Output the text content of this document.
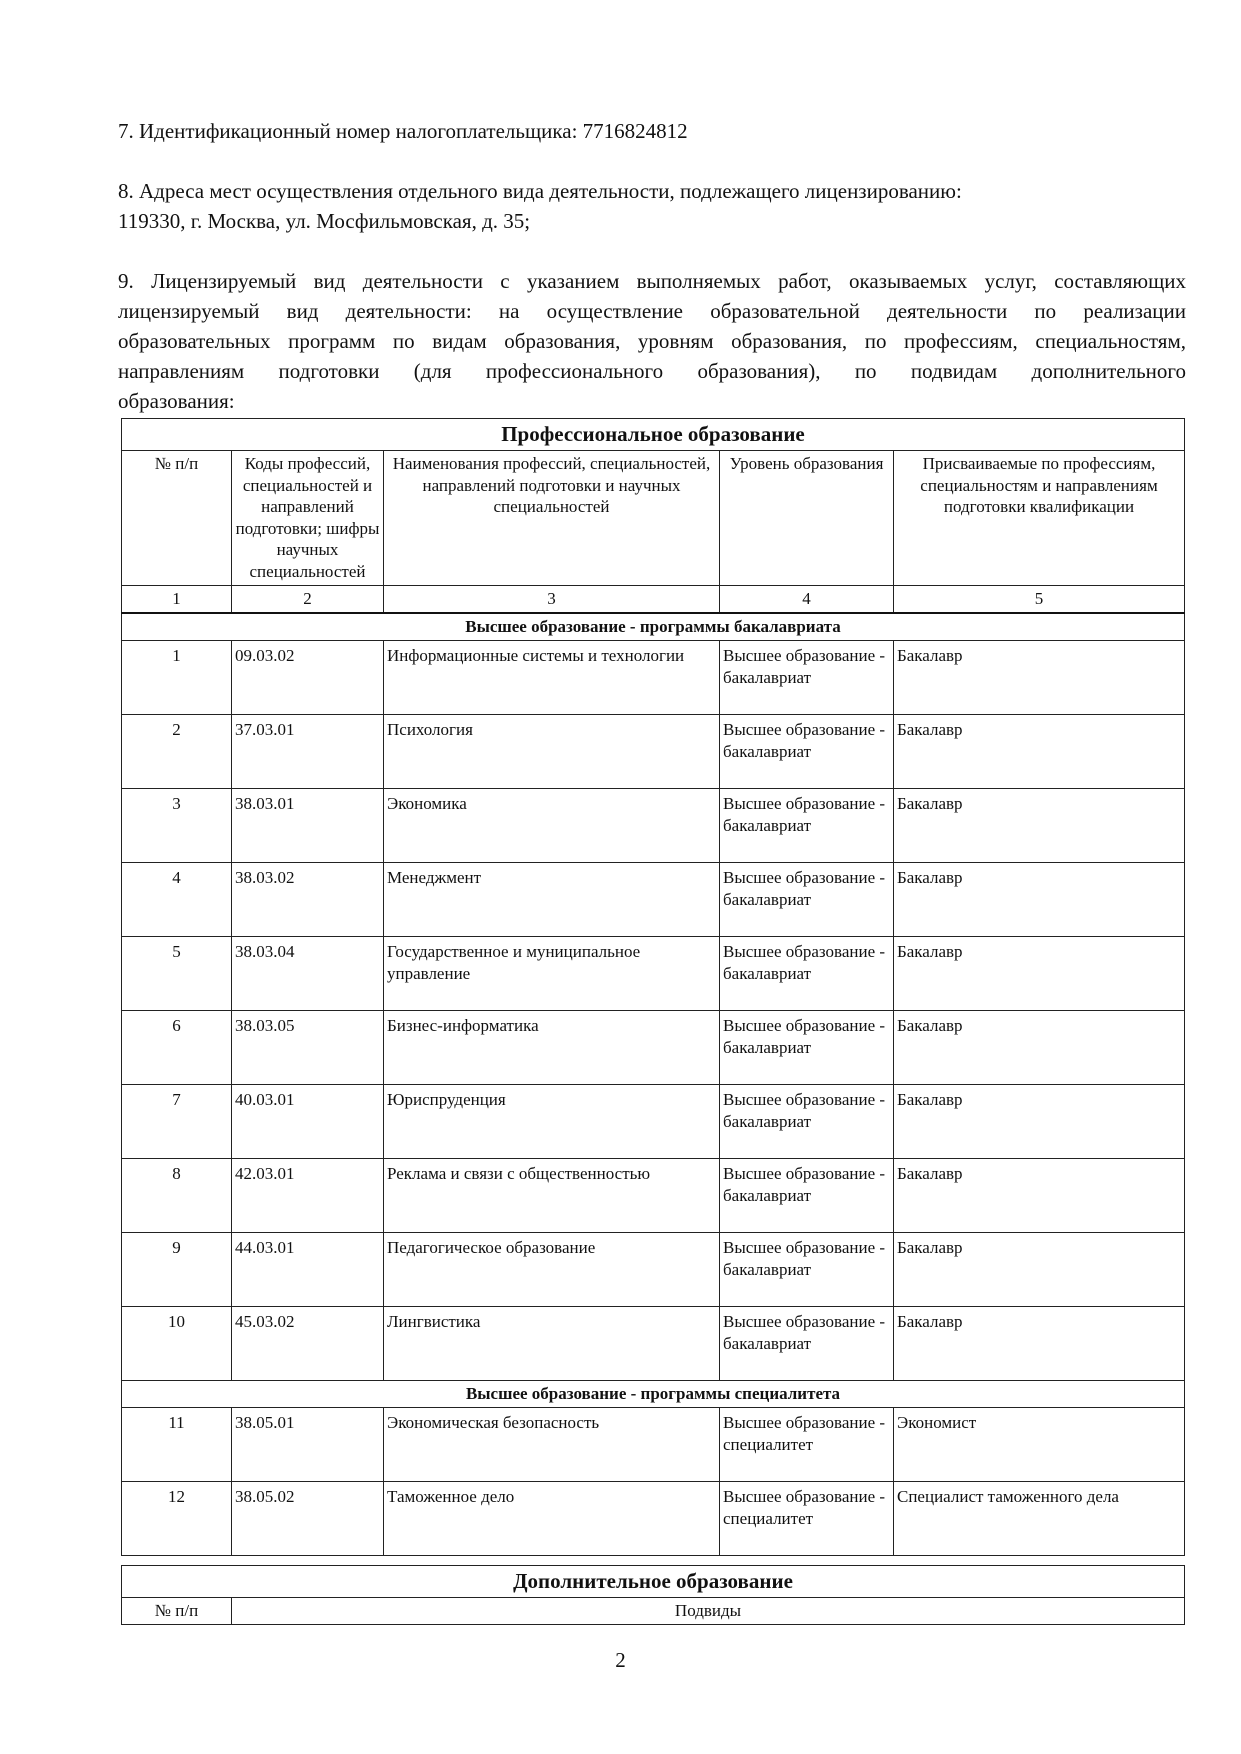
7. Идентификационный номер налогоплательщика: 7716824812
8. Адреса мест осуществления отдельного вида деятельности, подлежащего лицензированию:
119330, г. Москва, ул. Мосфильмовская, д. 35;
9. Лицензируемый вид деятельности с указанием выполняемых работ, оказываемых услуг, составляющих
лицензируемый вид деятельности: на осуществление образовательной деятельности по реализации
образовательных программ по видам образования, уровням образования, по профессиям, специальностям,
направлениям подготовки (для профессионального образования), по подвидам дополнительного
образования:
Профессиональное образование				
№ п/п	Коды профессий, специальностей и направлений подготовки; шифры научных специальностей	Наименования профессий, специальностей, направлений подготовки и научных специальностей	Уровень образования	Присваиваемые по профессиям, специальностям и направлениям подготовки квалификации
1	2	3	4	5
Высшее образование - программы бакалавриата				
1	09.03.02	Информационные системы и технологии	Высшее образование - бакалавриат	Бакалавр
2	37.03.01	Психология	Высшее образование - бакалавриат	Бакалавр
3	38.03.01	Экономика	Высшее образование - бакалавриат	Бакалавр
4	38.03.02	Менеджмент	Высшее образование - бакалавриат	Бакалавр
5	38.03.04	Государственное и муниципальное управление	Высшее образование - бакалавриат	Бакалавр
6	38.03.05	Бизнес-информатика	Высшее образование - бакалавриат	Бакалавр
7	40.03.01	Юриспруденция	Высшее образование - бакалавриат	Бакалавр
8	42.03.01	Реклама и связи с общественностью	Высшее образование - бакалавриат	Бакалавр
9	44.03.01	Педагогическое образование	Высшее образование - бакалавриат	Бакалавр
10	45.03.02	Лингвистика	Высшее образование - бакалавриат	Бакалавр
Высшее образование - программы специалитета				
11	38.05.01	Экономическая безопасность	Высшее образование - специалитет	Экономист
12	38.05.02	Таможенное дело	Высшее образование - специалитет	Специалист таможенного дела
Дополнительное образование
№ п/п	Подвиды
2
